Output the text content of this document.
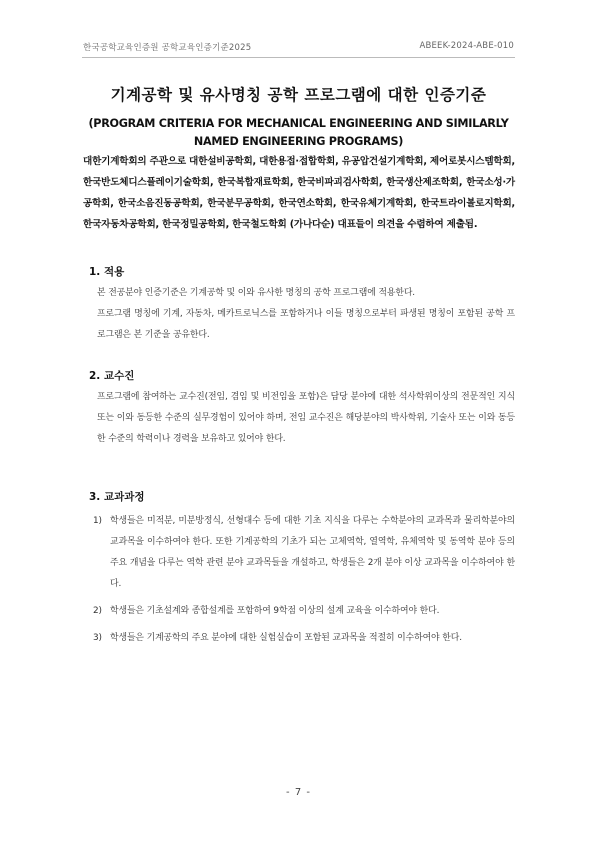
한국공학교육인증원 공학교육인증기준2025	ABEEK-2024-ABE-010

기계공학 및 유사명칭 공학 프로그램에 대한 인증기준

(PROGRAM CRITERIA FOR MECHANICAL ENGINEERING AND SIMILARLY NAMED ENGINEERING PROGRAMS)

대한기계학회의 주관으로 대한설비공학회, 대한용접·접합학회, 유공압건설기계학회, 제어로봇시스템학회, 한국반도체디스플레이기술학회, 한국복합재료학회, 한국비파괴검사학회, 한국생산제조학회, 한국소성·가공학회, 한국소음진동공학회, 한국분무공학회, 한국연소학회, 한국유체기계학회, 한국트라이볼로지학회, 한국자동차공학회, 한국정밀공학회, 한국철도학회 (가나다순) 대표들이 의견을 수렴하여 제출됨.
1. 적용
본 전공분야 인증기준은 기계공학 및 이와 유사한 명칭의 공학 프로그램에 적용한다.
프로그램 명칭에 기계, 자동차, 메카트로닉스를 포함하거나 이들 명칭으로부터 파생된 명칭이 포함된 공학 프로그램은 본 기준을 공유한다.
2. 교수진
프로그램에 참여하는 교수진(전임, 겸임 및 비전임을 포함)은 담당 분야에 대한 석사학위이상의 전문적인 지식 또는 이와 동등한 수준의 실무경험이 있어야 하며, 전임 교수진은 해당분야의 박사학위, 기술사 또는 이와 동등한 수준의 학력이나 경력을 보유하고 있어야 한다.
3. 교과과정
1) 학생들은 미적분, 미분방정식, 선형대수 등에 대한 기초 지식을 다루는 수학분야의 교과목과 물리학분야의 교과목을 이수하여야 한다. 또한 기계공학의 기초가 되는 고체역학, 열역학, 유체역학 및 동역학 분야 등의 주요 개념을 다루는 역학 관련 분야 교과목들을 개설하고, 학생들은 2개 분야 이상 교과목을 이수하여야 한다.
2) 학생들은 기초설계와 종합설계를 포함하여 9학점 이상의 설계 교육을 이수하여야 한다.
3) 학생들은 기계공학의 주요 분야에 대한 실험실습이 포함된 교과목을 적절히 이수하여야 한다.
- 7 -
